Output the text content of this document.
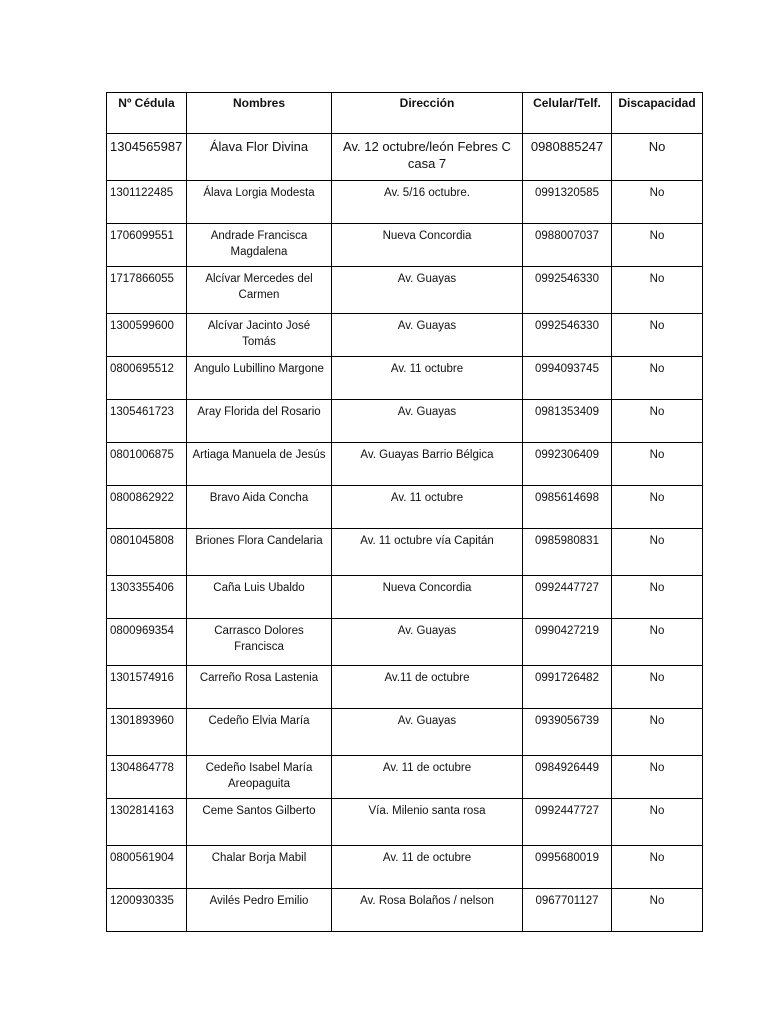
Nº Cédula	Nombres	Dirección	Celular/Telf.	Discapacidad
1304565987	Álava Flor Divina	Av. 12 octubre/león Febres C casa 7	0980885247	No
1301122485	Álava Lorgia Modesta	Av. 5/16 octubre.	0991320585	No
1706099551	Andrade Francisca Magdalena	Nueva Concordia	0988007037	No
1717866055	Alcívar Mercedes del Carmen	Av. Guayas	0992546330	No
1300599600	Alcívar Jacinto José Tomás	Av. Guayas	0992546330	No
0800695512	Angulo Lubillino Margone	Av. 11 octubre	0994093745	No
1305461723	Aray Florida del Rosario	Av. Guayas	0981353409	No
0801006875	Artiaga Manuela de Jesús	Av. Guayas Barrio Bélgica	0992306409	No
0800862922	Bravo Aida Concha	Av. 11 octubre	0985614698	No
0801045808	Briones Flora Candelaria	Av. 11 octubre vía Capitán	0985980831	No
1303355406	Caña Luis Ubaldo	Nueva Concordia	0992447727	No
0800969354	Carrasco Dolores Francisca	Av. Guayas	0990427219	No
1301574916	Carreño Rosa Lastenia	Av.11 de octubre	0991726482	No
1301893960	Cedeño Elvia María	Av. Guayas	0939056739	No
1304864778	Cedeño Isabel María Areopaguita	Av. 11 de octubre	0984926449	No
1302814163	Ceme Santos Gilberto	Vía. Milenio santa rosa	0992447727	No
0800561904	Chalar Borja Mabil	Av. 11 de octubre	0995680019	No
1200930335	Avilés Pedro Emilio	Av. Rosa Bolaños / nelson	0967701127	No
